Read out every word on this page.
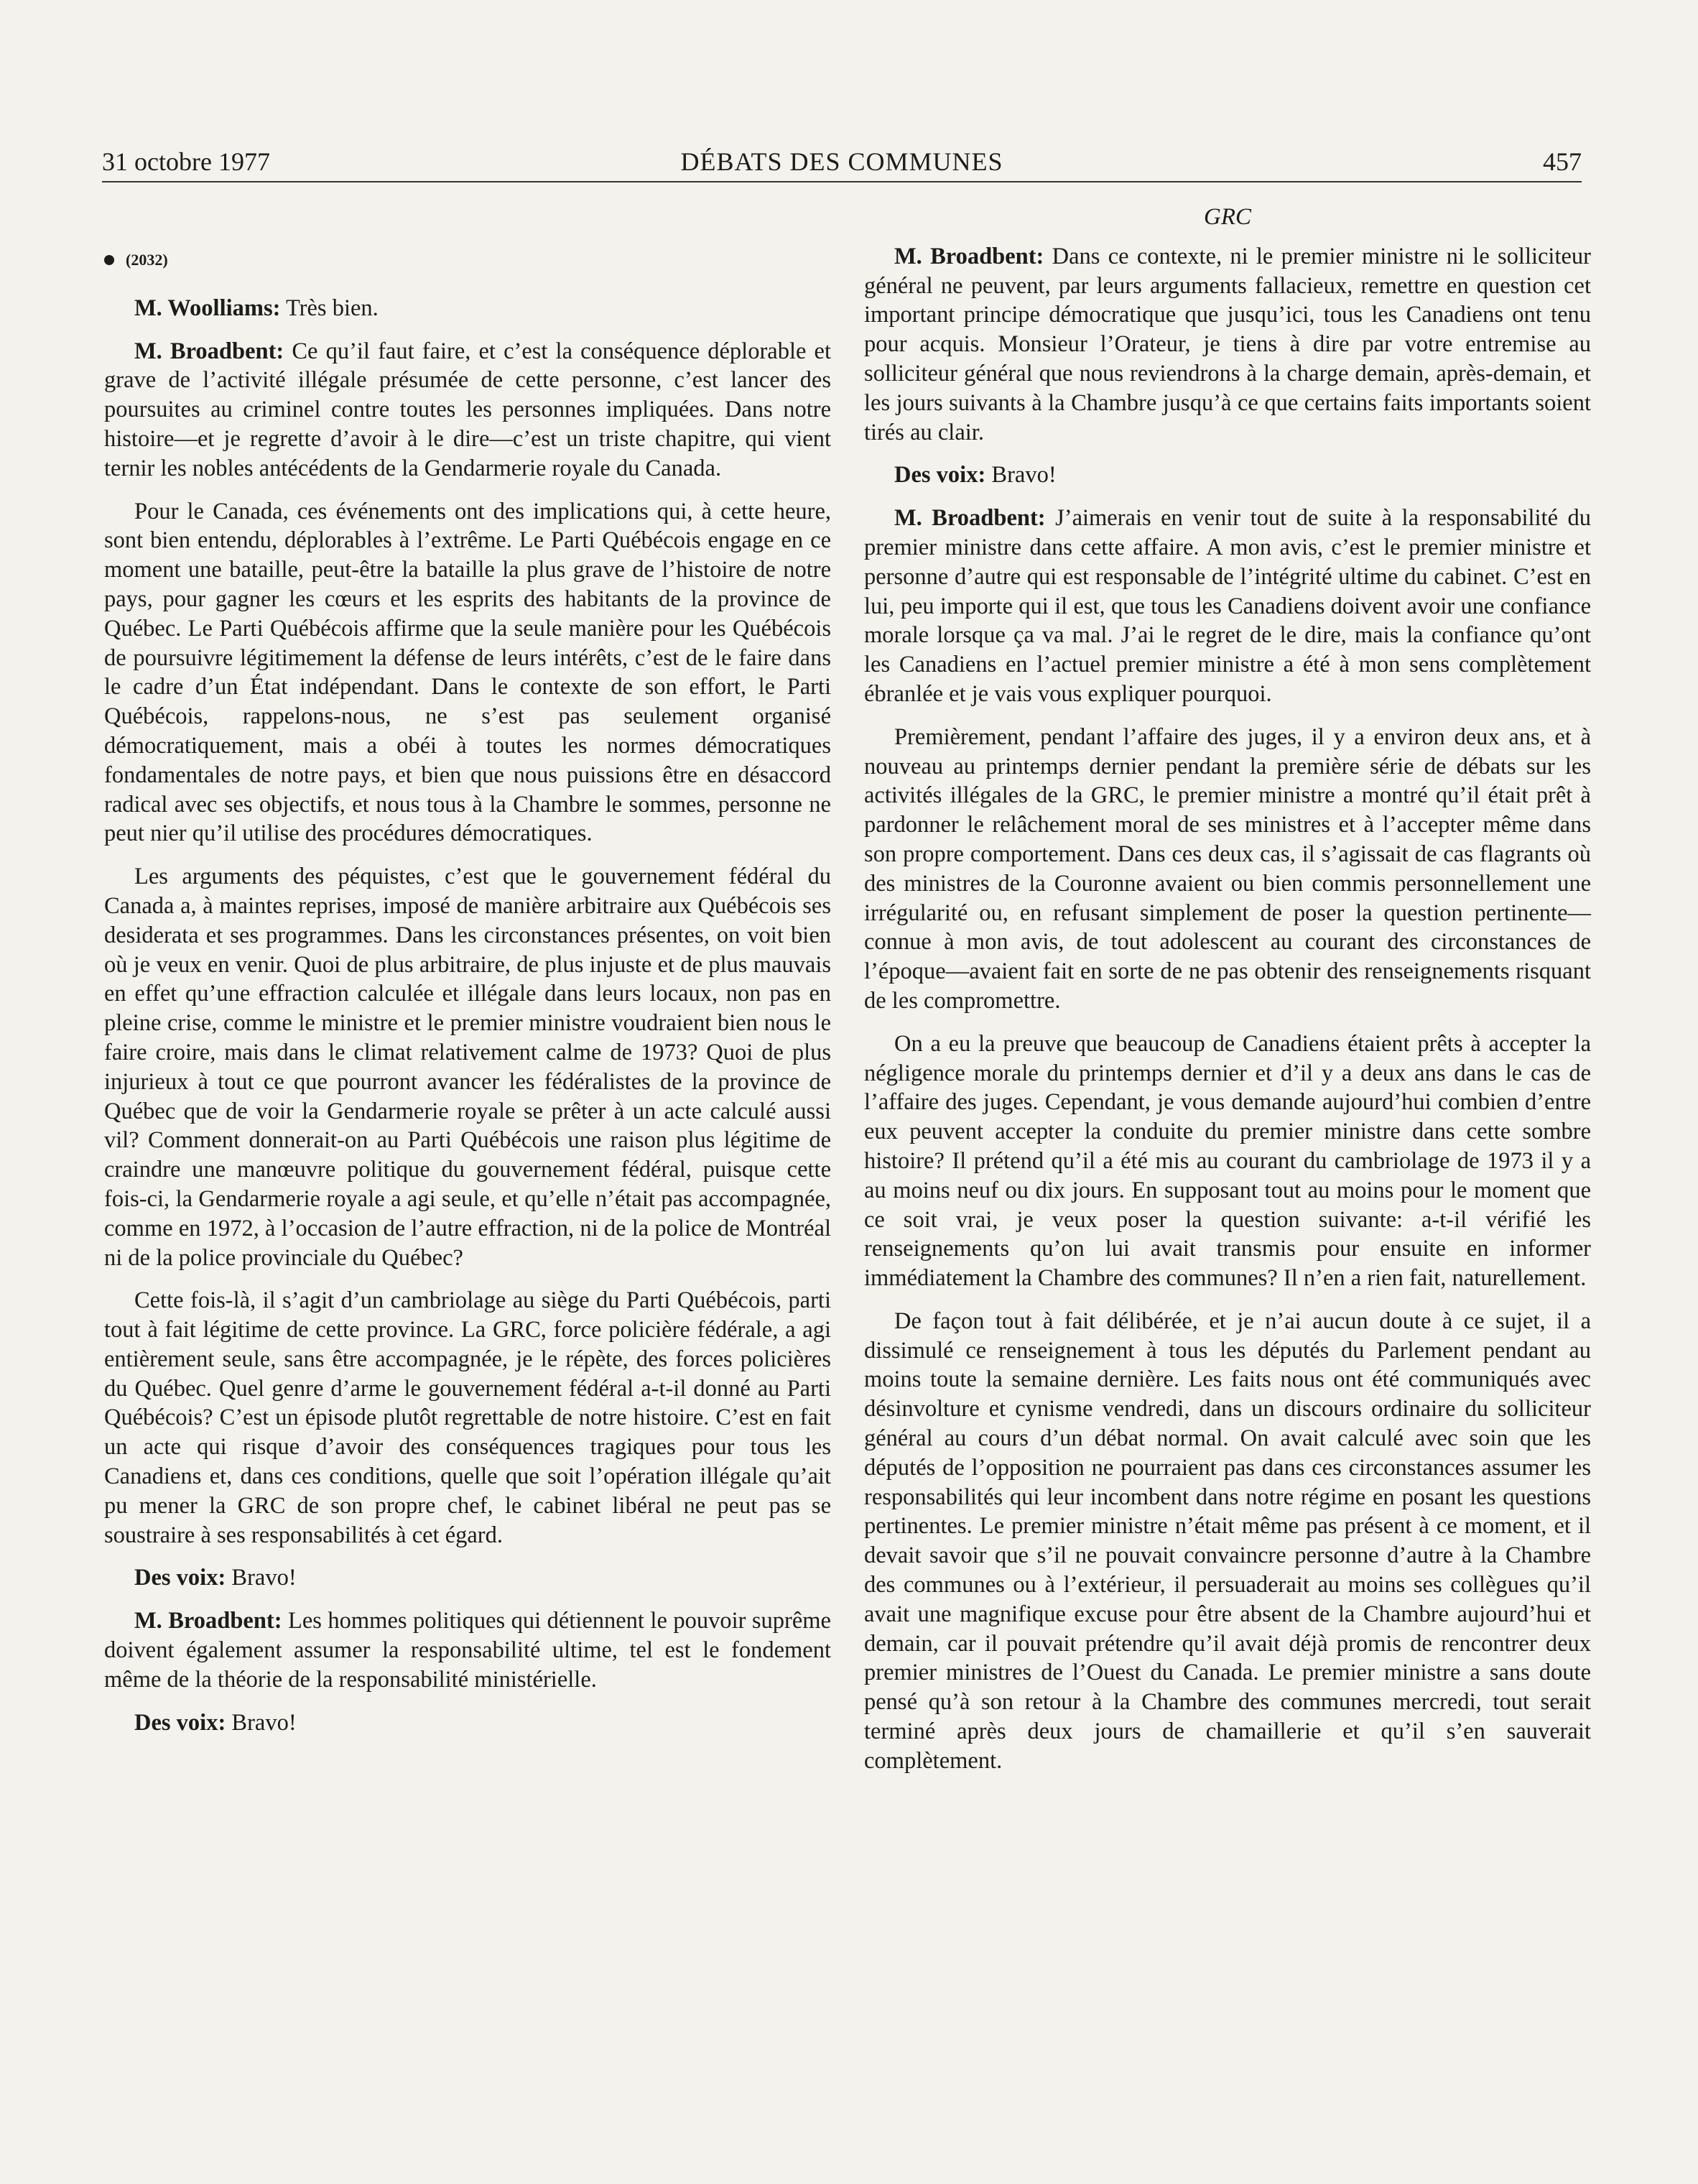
31 octobre 1977	DÉBATS DES COMMUNES	457
(2032)

M. Woolliams: Très bien.

M. Broadbent: Ce qu’il faut faire, et c’est la conséquence déplorable et grave de l’activité illégale présumée de cette personne, c’est lancer des poursuites au criminel contre toutes les personnes impliquées. Dans notre histoire—et je regrette d’avoir à le dire—c’est un triste chapitre, qui vient ternir les nobles antécédents de la Gendarmerie royale du Canada.

Pour le Canada, ces événements ont des implications qui, à cette heure, sont bien entendu, déplorables à l’extrême. Le Parti Québécois engage en ce moment une bataille, peut-être la bataille la plus grave de l’histoire de notre pays, pour gagner les cœurs et les esprits des habitants de la province de Québec. Le Parti Québécois affirme que la seule manière pour les Québécois de poursuivre légitimement la défense de leurs intérêts, c’est de le faire dans le cadre d’un État indépendant. Dans le contexte de son effort, le Parti Québécois, rappelons-nous, ne s’est pas seulement organisé démocratiquement, mais a obéi à toutes les normes démocratiques fondamentales de notre pays, et bien que nous puissions être en désaccord radical avec ses objectifs, et nous tous à la Chambre le sommes, personne ne peut nier qu’il utilise des procédures démocratiques.

Les arguments des péquistes, c’est que le gouvernement fédéral du Canada a, à maintes reprises, imposé de manière arbitraire aux Québécois ses desiderata et ses programmes. Dans les circonstances présentes, on voit bien où je veux en venir. Quoi de plus arbitraire, de plus injuste et de plus mauvais en effet qu’une effraction calculée et illégale dans leurs locaux, non pas en pleine crise, comme le ministre et le premier ministre voudraient bien nous le faire croire, mais dans le climat relativement calme de 1973? Quoi de plus injurieux à tout ce que pourront avancer les fédéralistes de la province de Québec que de voir la Gendarmerie royale se prêter à un acte calculé aussi vil? Comment donnerait-on au Parti Québécois une raison plus légitime de craindre une manœuvre politique du gouvernement fédéral, puisque cette fois-ci, la Gendarmerie royale a agi seule, et qu’elle n’était pas accompagnée, comme en 1972, à l’occasion de l’autre effraction, ni de la police de Montréal ni de la police provinciale du Québec?

Cette fois-là, il s’agit d’un cambriolage au siège du Parti Québécois, parti tout à fait légitime de cette province. La GRC, force policière fédérale, a agi entièrement seule, sans être accompagnée, je le répète, des forces policières du Québec. Quel genre d’arme le gouvernement fédéral a-t-il donné au Parti Québécois? C’est un épisode plutôt regrettable de notre histoire. C’est en fait un acte qui risque d’avoir des conséquences tragiques pour tous les Canadiens et, dans ces conditions, quelle que soit l’opération illégale qu’ait pu mener la GRC de son propre chef, le cabinet libéral ne peut pas se soustraire à ses responsabilités à cet égard.

Des voix: Bravo!

M. Broadbent: Les hommes politiques qui détiennent le pouvoir suprême doivent également assumer la responsabilité ultime, tel est le fondement même de la théorie de la responsabilité ministérielle.

Des voix: Bravo!

GRC

M. Broadbent: Dans ce contexte, ni le premier ministre ni le solliciteur général ne peuvent, par leurs arguments fallacieux, remettre en question cet important principe démocratique que jusqu’ici, tous les Canadiens ont tenu pour acquis. Monsieur l’Orateur, je tiens à dire par votre entremise au solliciteur général que nous reviendrons à la charge demain, après-demain, et les jours suivants à la Chambre jusqu’à ce que certains faits importants soient tirés au clair.

Des voix: Bravo!

M. Broadbent: J’aimerais en venir tout de suite à la responsabilité du premier ministre dans cette affaire. A mon avis, c’est le premier ministre et personne d’autre qui est responsable de l’intégrité ultime du cabinet. C’est en lui, peu importe qui il est, que tous les Canadiens doivent avoir une confiance morale lorsque ça va mal. J’ai le regret de le dire, mais la confiance qu’ont les Canadiens en l’actuel premier ministre a été à mon sens complètement ébranlée et je vais vous expliquer pourquoi.

Premièrement, pendant l’affaire des juges, il y a environ deux ans, et à nouveau au printemps dernier pendant la première série de débats sur les activités illégales de la GRC, le premier ministre a montré qu’il était prêt à pardonner le relâchement moral de ses ministres et à l’accepter même dans son propre comportement. Dans ces deux cas, il s’agissait de cas flagrants où des ministres de la Couronne avaient ou bien commis personnellement une irrégularité ou, en refusant simplement de poser la question pertinente—connue à mon avis, de tout adolescent au courant des circonstances de l’époque—avaient fait en sorte de ne pas obtenir des renseignements risquant de les compromettre.

On a eu la preuve que beaucoup de Canadiens étaient prêts à accepter la négligence morale du printemps dernier et d’il y a deux ans dans le cas de l’affaire des juges. Cependant, je vous demande aujourd’hui combien d’entre eux peuvent accepter la conduite du premier ministre dans cette sombre histoire? Il prétend qu’il a été mis au courant du cambriolage de 1973 il y a au moins neuf ou dix jours. En supposant tout au moins pour le moment que ce soit vrai, je veux poser la question suivante: a-t-il vérifié les renseignements qu’on lui avait transmis pour ensuite en informer immédiatement la Chambre des communes? Il n’en a rien fait, naturellement.

De façon tout à fait délibérée, et je n’ai aucun doute à ce sujet, il a dissimulé ce renseignement à tous les députés du Parlement pendant au moins toute la semaine dernière. Les faits nous ont été communiqués avec désinvolture et cynisme vendredi, dans un discours ordinaire du solliciteur général au cours d’un débat normal. On avait calculé avec soin que les députés de l’opposition ne pourraient pas dans ces circonstances assumer les responsabilités qui leur incombent dans notre régime en posant les questions pertinentes. Le premier ministre n’était même pas présent à ce moment, et il devait savoir que s’il ne pouvait convaincre personne d’autre à la Chambre des communes ou à l’extérieur, il persuaderait au moins ses collègues qu’il avait une magnifique excuse pour être absent de la Chambre aujourd’hui et demain, car il pouvait prétendre qu’il avait déjà promis de rencontrer deux premier ministres de l’Ouest du Canada. Le premier ministre a sans doute pensé qu’à son retour à la Chambre des communes mercredi, tout serait terminé après deux jours de chamaillerie et qu’il s’en sauverait complètement.
